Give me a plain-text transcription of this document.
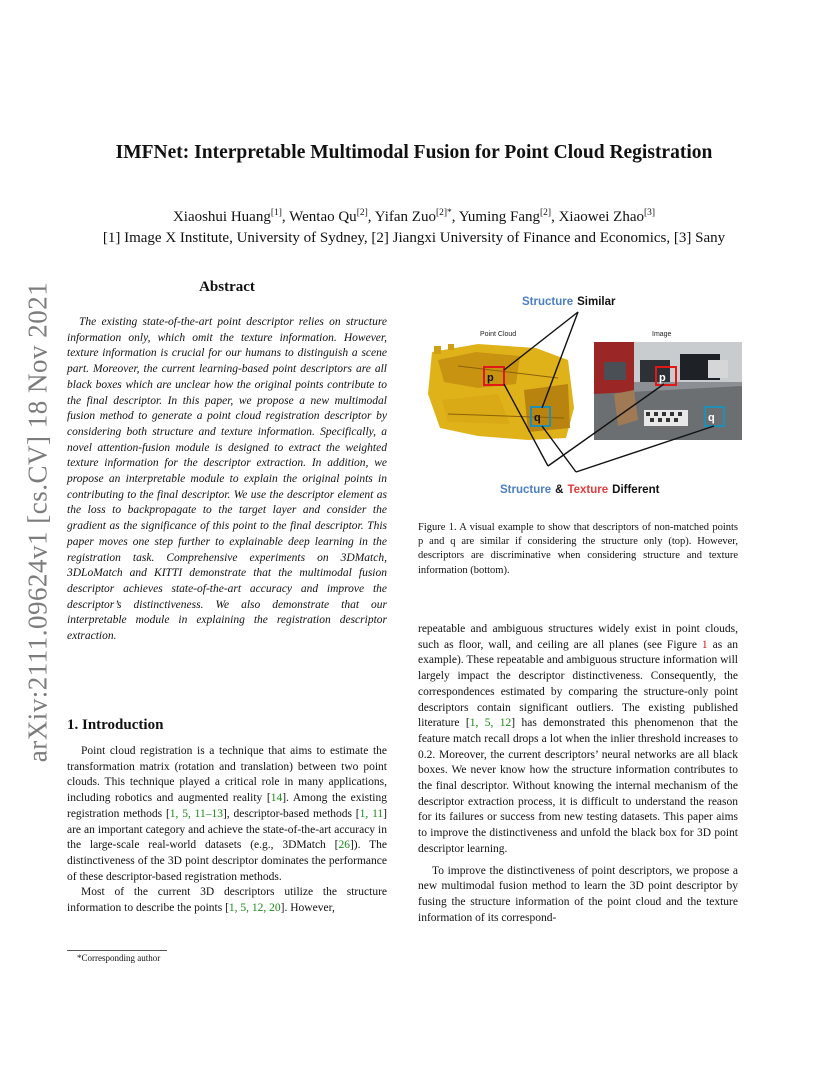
arXiv:2111.09624v1 [cs.CV] 18 Nov 2021
IMFNet: Interpretable Multimodal Fusion for Point Cloud Registration
Xiaoshui Huang[1], Wentao Qu[2], Yifan Zuo$^{[2]*}$, Yuming Fang[2], Xiaowei Zhao[3]
[1] Image X Institute, University of Sydney, [2] Jiangxi University of Finance and Economics, [3] Sany
Abstract
The existing state-of-the-art point descriptor relies on structure information only, which omit the texture information. However, texture information is crucial for our humans to distinguish a scene part. Moreover, the current learning-based point descriptors are all black boxes which are unclear how the original points contribute to the final descriptor. In this paper, we propose a new multimodal fusion method to generate a point cloud registration descriptor by considering both structure and texture information. Specifically, a novel attention-fusion module is designed to extract the weighted texture information for the descriptor extraction. In addition, we propose an interpretable module to explain the original points in contributing to the final descriptor. We use the descriptor element as the loss to backpropagate to the target layer and consider the gradient as the significance of this point to the final descriptor. This paper moves one step further to explainable deep learning in the registration task. Comprehensive experiments on 3DMatch, 3DLoMatch and KITTI demonstrate that the multimodal fusion descriptor achieves state-of-the-art accuracy and improve the descriptor’s distinctiveness. We also demonstrate that our interpretable module in explaining the registration descriptor extraction.
1. Introduction

Point cloud registration is a technique that aims to estimate the transformation matrix (rotation and translation) between two point clouds. This technique played a critical role in many applications, including robotics and augmented reality [14]. Among the existing registration methods [1, 5, 11–13], descriptor-based methods [1, 11] are an important category and achieve the state-of-the-art accuracy in the large-scale real-world datasets (e.g., 3DMatch [26]). The distinctiveness of the 3D point descriptor dominates the performance of these descriptor-based registration methods.

Most of the current 3D descriptors utilize the structure information to describe the points [1, 5, 12, 20]. However,

*Corresponding author
Structure Similar
Point Cloud	Image
p
q
p
q
Structure & Texture Different
Figure 1. A visual example to show that descriptors of non-matched points p and q are similar if considering the structure only (top). However, descriptors are discriminative when considering structure and texture information (bottom).

repeatable and ambiguous structures widely exist in point clouds, such as floor, wall, and ceiling are all planes (see Figure 1 as an example). These repeatable and ambiguous structure information will largely impact the descriptor distinctiveness. Consequently, the correspondences estimated by comparing the structure-only point descriptors contain significant outliers. The existing published literature [1, 5, 12] has demonstrated this phenomenon that the feature match recall drops a lot when the inlier threshold increases to 0.2. Moreover, the current descriptors’ neural networks are all black boxes. We never know how the structure information contributes to the final descriptor. Without knowing the internal mechanism of the descriptor extraction process, it is difficult to understand the reason for its failures or success from new testing datasets. This paper aims to improve the distinctiveness and unfold the black box for 3D point descriptor learning.

To improve the distinctiveness of point descriptors, we propose a new multimodal fusion method to learn the 3D point descriptor by fusing the structure information of the point cloud and the texture information of its correspond-
